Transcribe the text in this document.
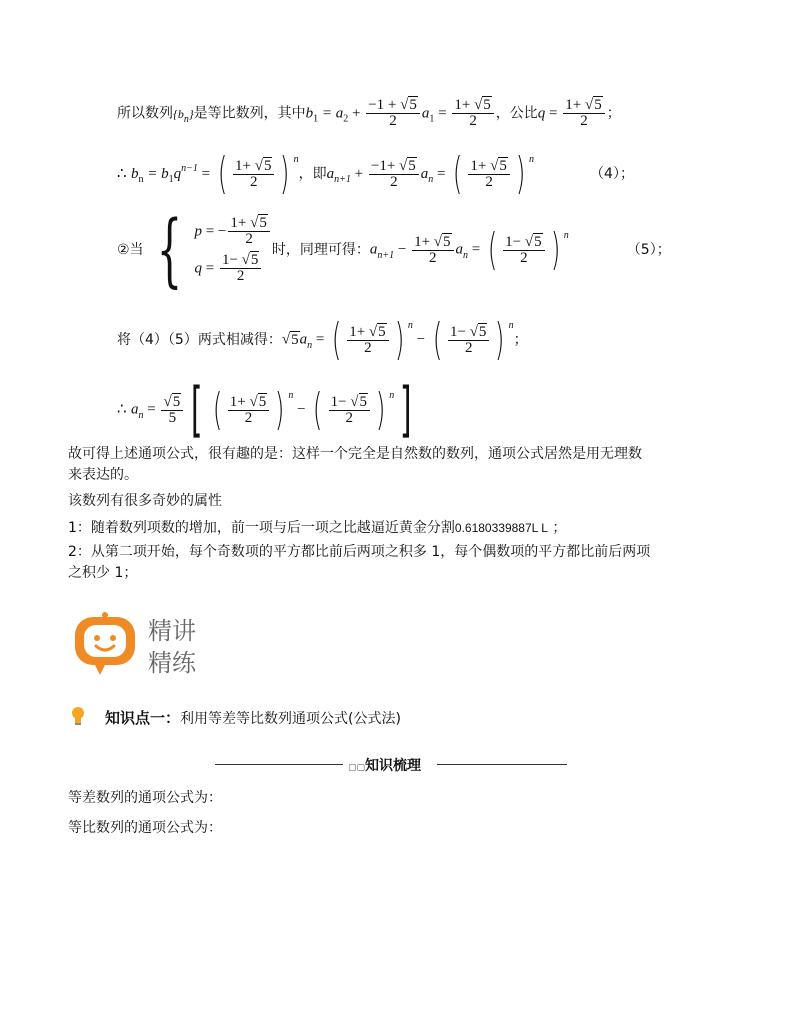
所以数列$\{b_n\}$是等比数列，其中$b_1 = a_2 + \frac{-1 + √5}{2} a_1 = \frac{1+ √5}{2}$ ，公比$q = \frac{1+ √5}{2}$ ；
∴ $b_n = b_1q^{n-1}$ = ( $\frac{1+ √5}{2}$ ) $^n$，即$a_{n+1} + \frac{-1+ √5}{2} a_n$ = ( $\frac{1+ √5}{2}$ ) $^n$（4）；
②当 { p = − $\frac{1+ √5}{2}$
$q = \frac{1- √5}{2}$
时，同理可得：$a_{n+1} - \frac{1+ √5}{2} a_n$ = ( $\frac{1- √5}{2}$ ) $^n$（5）；
将（4）（5）两式相减得：$√5a_n$ = ( $\frac{1+ √5}{2}$ ) $^n$ − ( $\frac{1- √5}{2}$ ) $^n$；
∴ $a_n = \frac{√5}{5}$ [ ( $\frac{1+ √5}{2}$ ) $^n$ − ( $\frac{1- √5}{2}$ ) $^n$]
故可得上述通项公式，很有趣的是：这样一个完全是自然数的数列，通项公式居然是用无理数
来表达的。
该数列有很多奇妙的属性
1：随着数列项数的增加，前一项与后一项之比越逼近黄金分割0.6180339887L L ；
2：从第二项开始，每个奇数项的平方都比前后两项之积多 1，每个偶数项的平方都比前后两项
之积少 1；
精讲
精练
知识点一：利用等差等比数列通项公式(公式法)
▢▢知识梳理
等差数列的通项公式为：
等比数列的通项公式为：
